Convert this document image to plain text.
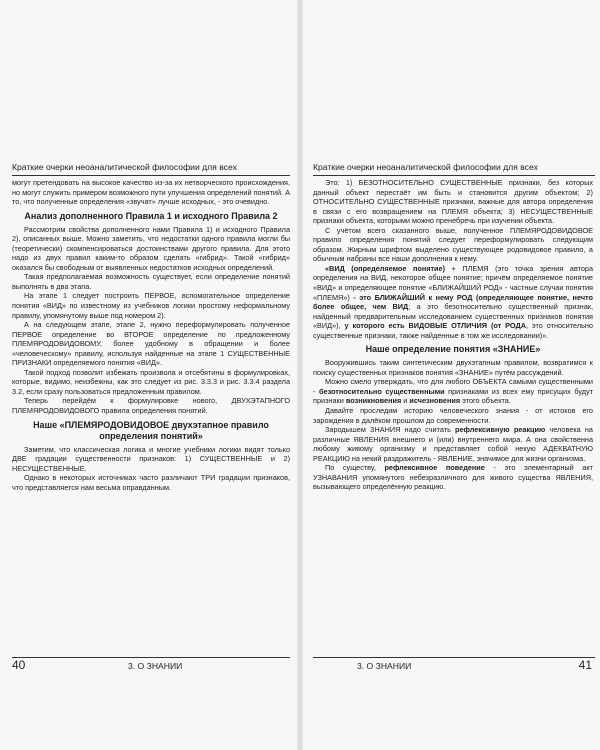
Краткие очерки неоаналитической философии для всех

могут претендовать на высокое качество из-за их нетворческого происхождения, но могут служить примером возможного пути улучшения определений понятий. А то, что полученные определения «звучат» лучше исходных, - это очевидно.

Анализ дополненного Правила 1 и исходного Правила 2

Рассмотрим свойства дополненного нами Правила 1) и исходного Правила 2), описанных выше. Можно заметить, что недостатки одного правила могли бы (теоретически) скомпенсироваться достоинствами другого правила. Для этого надо из двух правил каким-то образом сделать «гибрид». Такой «гибрид» оказался бы свободным от выявленных недостатков исходных определений.

Такая предполагаемая возможность существует, если определение понятий выполнять в два этапа.

На этапе 1 следует построить ПЕРВОЕ, вспомогательное определение понятия «ВИД» по известному из учебников логики простому неформальному правилу, упомянутому выше под номером 2).

А на следующем этапе, этапе 2, нужно переформулировать полученное ПЕРВОЕ определение во ВТОРОЕ определение по предложенному ПЛЕМЯРОДОВИДОВОМУ, более удобному в обращении и более «человеческому» правилу, используя найденные на этапе 1 СУЩЕСТВЕННЫЕ ПРИЗНАКИ определяемого понятия «ВИД».

Такой подход позволит избежать произвола и отсебятины в формулировках, которые, видимо, неизбежны, как это следует из рис. 3.3.3 и рис. 3.3.4 раздела 3.2, если сразу пользоваться предложенным правилом.

Теперь перейдём к формулировке нового, ДВУХЭТАПНОГО ПЛЕМЯРОДОВИДОВОГО правила определения понятий.

Наше «ПЛЕМЯРОДОВИДОВОЕ двухэтапное правило определения понятий»

Заметим, что классическая логика и многие учебники логики видят только ДВЕ градации существенности признаков: 1) СУЩЕСТВЕННЫЕ и 2) НЕСУЩЕСТВЕННЫЕ.

Однако в некоторых источниках часто различают ТРИ градации признаков, что представляется нам весьма оправданным.

40	3. О ЗНАНИИ
Краткие очерки неоаналитической философии для всех

Это: 1) БЕЗОТНОСИТЕЛЬНО СУЩЕСТВЕННЫЕ признаки, без которых данный объект перестаёт им быть и становится другим объектом; 2) ОТНОСИТЕЛЬНО СУЩЕСТВЕННЫЕ признаки, важные для автора определения в связи с его возвращением на ПЛЕМЯ объекта; 3) НЕСУЩЕСТВЕННЫЕ признаки объекта, которыми можно пренебречь при изучении объекта.

С учётом всего сказанного выше, полученное ПЛЕМЯРОДОВИДОВОЕ правило определения понятий следует переформулировать следующим образом. Жирным шрифтом выделено существующее родовидовое правило, а обычным набраны все наши дополнения к нему.

«ВИД (определяемое понятие) + ПЛЕМЯ (это точка зрения автора определения на ВИД, некоторое общее понятие; причём определяемое понятие «ВИД» и определяющее понятие «БЛИЖАЙШИЙ РОД» - частные случаи понятия «ПЛЕМЯ») - это БЛИЖАЙШИЙ к нему РОД (определяющее понятие, нечто более общее, чем ВИД; а это безотносительно существенный признак, найденный предварительным исследованием существенных признаков понятия «ВИД»), у которого есть ВИДОВЫЕ ОТЛИЧИЯ (от РОДА, это относительно существенные признаки, также найденные в том же исследовании)».

Наше определение понятия «ЗНАНИЕ»

Вооружившись таким синтетическим двухэтапным правилом, возвратимся к поиску существенных признаков понятия «ЗНАНИЕ» путём рассуждений.

Можно смело утверждать, что для любого ОБЪЕКТА самыми существенными - безотносительно существенными признаками из всех ему присущих будут признаки возникновения и исчезновения этого объекта.

Давайте проследим историю человеческого знания - от истоков его зарождения в далёком прошлом до современности.

Зародышем ЗНАНИЯ надо считать рефлексивную реакцию человека на различные ЯВЛЕНИЯ внешнего и (или) внутреннего мира. А она свойственна любому живому организму и представляет собой некую АДЕКВАТНУЮ РЕАКЦИЮ на некий раздражитель - ЯВЛЕНИЕ, значимое для жизни организма.

По существу, рефлексивное поведение - это элементарный акт УЗНАВАНИЯ упомянутого небезразличного для живого существа ЯВЛЕНИЯ, вызывающего определённую реакцию.

3. О ЗНАНИИ	41
